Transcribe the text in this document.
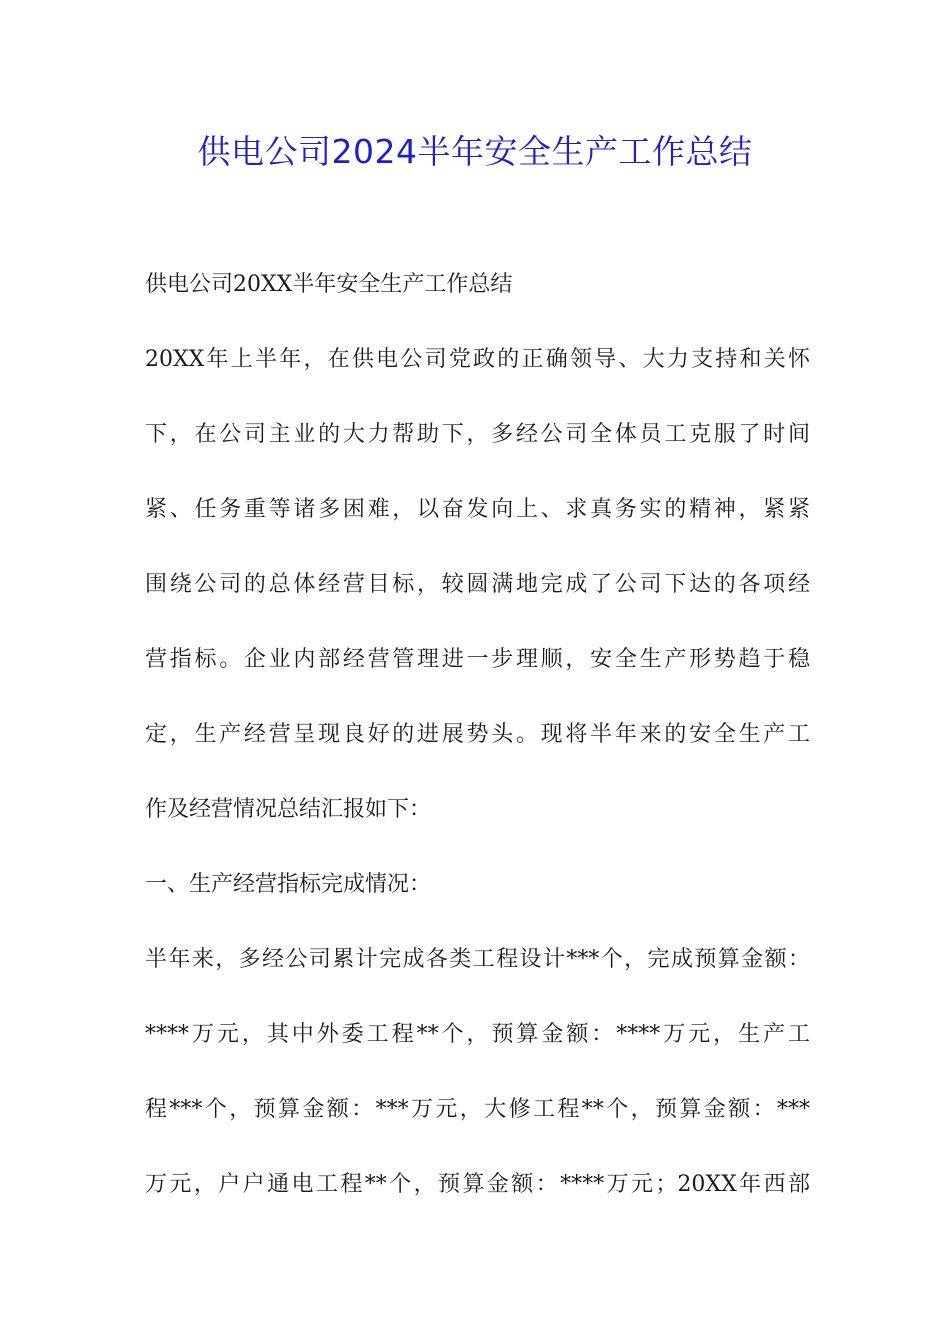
供电公司2024半年安全生产工作总结
供电公司20XX半年安全生产工作总结
20XX年上半年，在供电公司党政的正确领导、大力支持和关怀
下，在公司主业的大力帮助下，多经公司全体员工克服了时间
紧、任务重等诸多困难，以奋发向上、求真务实的精神，紧紧
围绕公司的总体经营目标，较圆满地完成了公司下达的各项经
营指标。企业内部经营管理进一步理顺，安全生产形势趋于稳
定，生产经营呈现良好的进展势头。现将半年来的安全生产工
作及经营情况总结汇报如下：
一、生产经营指标完成情况：
半年来，多经公司累计完成各类工程设计***个，完成预算金额：
****万元，其中外委工程**个，预算金额：****万元，生产工
程***个，预算金额：***万元，大修工程**个，预算金额：***
万元，户户通电工程**个，预算金额：****万元；20XX年西部
